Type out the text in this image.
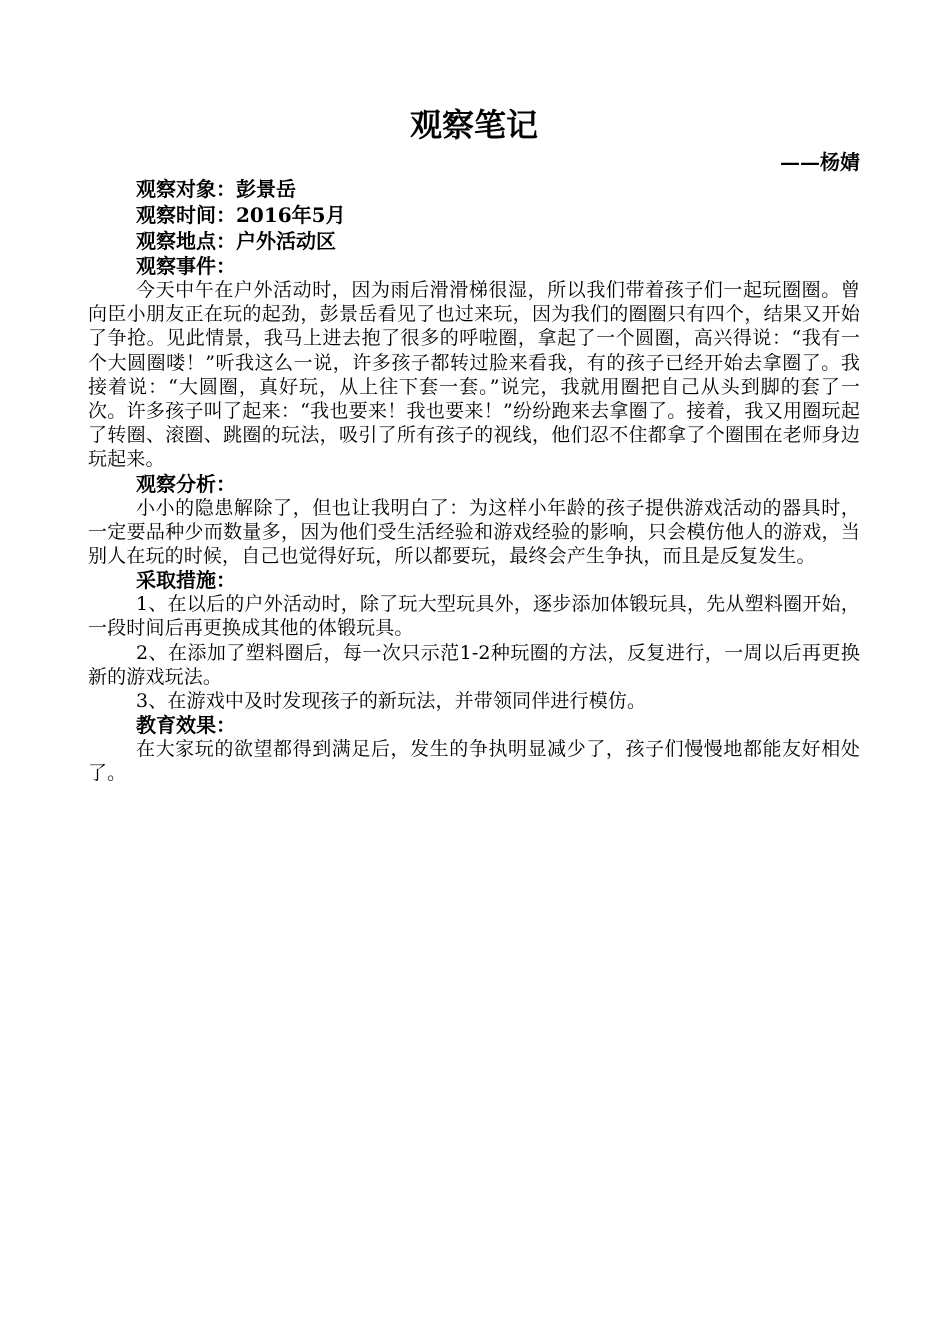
观察笔记

——杨婧

观察对象：彭景岳

观察时间：2016年5月

观察地点：户外活动区

观察事件：

今天中午在户外活动时，因为雨后滑滑梯很湿，所以我们带着孩子们一起玩圈圈。曾向臣小朋友正在玩的起劲，彭景岳看见了也过来玩，因为我们的圈圈只有四个，结果又开始了争抢。见此情景，我马上进去抱了很多的呼啦圈，拿起了一个圆圈，高兴得说：“我有一个大圆圈喽！”听我这么一说，许多孩子都转过脸来看我，有的孩子已经开始去拿圈了。我接着说：“大圆圈，真好玩，从上往下套一套。”说完，我就用圈把自己从头到脚的套了一次。许多孩子叫了起来：“我也要来！我也要来！”纷纷跑来去拿圈了。接着，我又用圈玩起了转圈、滚圈、跳圈的玩法，吸引了所有孩子的视线，他们忍不住都拿了个圈围在老师身边玩起来。

观察分析：

小小的隐患解除了，但也让我明白了：为这样小年龄的孩子提供游戏活动的器具时，一定要品种少而数量多，因为他们受生活经验和游戏经验的影响，只会模仿他人的游戏，当别人在玩的时候，自己也觉得好玩，所以都要玩，最终会产生争执，而且是反复发生。

采取措施：

1、在以后的户外活动时，除了玩大型玩具外，逐步添加体锻玩具，先从塑料圈开始，一段时间后再更换成其他的体锻玩具。

2、在添加了塑料圈后，每一次只示范1-2种玩圈的方法，反复进行，一周以后再更换新的游戏玩法。

3、在游戏中及时发现孩子的新玩法，并带领同伴进行模仿。

教育效果：

在大家玩的欲望都得到满足后，发生的争执明显减少了，孩子们慢慢地都能友好相处了。
